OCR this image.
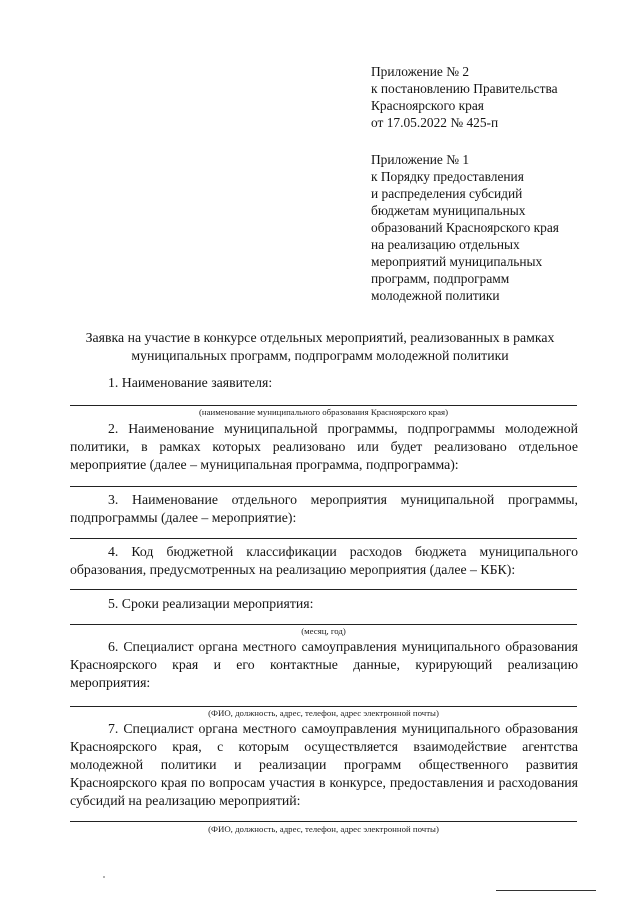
Приложение № 2
к постановлению Правительства
Красноярского края
от 17.05.2022 № 425-п
Приложение № 1
к Порядку предоставления
и распределения субсидий
бюджетам муниципальных
образований Красноярского края
на реализацию отдельных
мероприятий муниципальных
программ, подпрограмм
молодежной политики
Заявка на участие в конкурсе отдельных мероприятий, реализованных в рамках
муниципальных программ, подпрограмм молодежной политики

1. Наименование заявителя:

(наименование муниципального образования Красноярского края)

2. Наименование муниципальной программы, подпрограммы молодежной политики, в рамках которых реализовано или будет реализовано отдельное мероприятие (далее – муниципальная программа, подпрограмма):

3. Наименование отдельного мероприятия муниципальной программы, подпрограммы (далее – мероприятие):

4. Код бюджетной классификации расходов бюджета муниципального образования, предусмотренных на реализацию мероприятия (далее – КБК):

5. Сроки реализации мероприятия:

(месяц, год)

6. Специалист органа местного самоуправления муниципального образования Красноярского края и его контактные данные, курирующий реализацию мероприятия:

(ФИО, должность, адрес, телефон, адрес электронной почты)

7. Специалист органа местного самоуправления муниципального образования Красноярского края, с которым осуществляется взаимодействие агентства молодежной политики и реализации программ общественного развития Красноярского края по вопросам участия в конкурсе, предоставления и расходования субсидий на реализацию мероприятий:

(ФИО, должность, адрес, телефон, адрес электронной почты)
